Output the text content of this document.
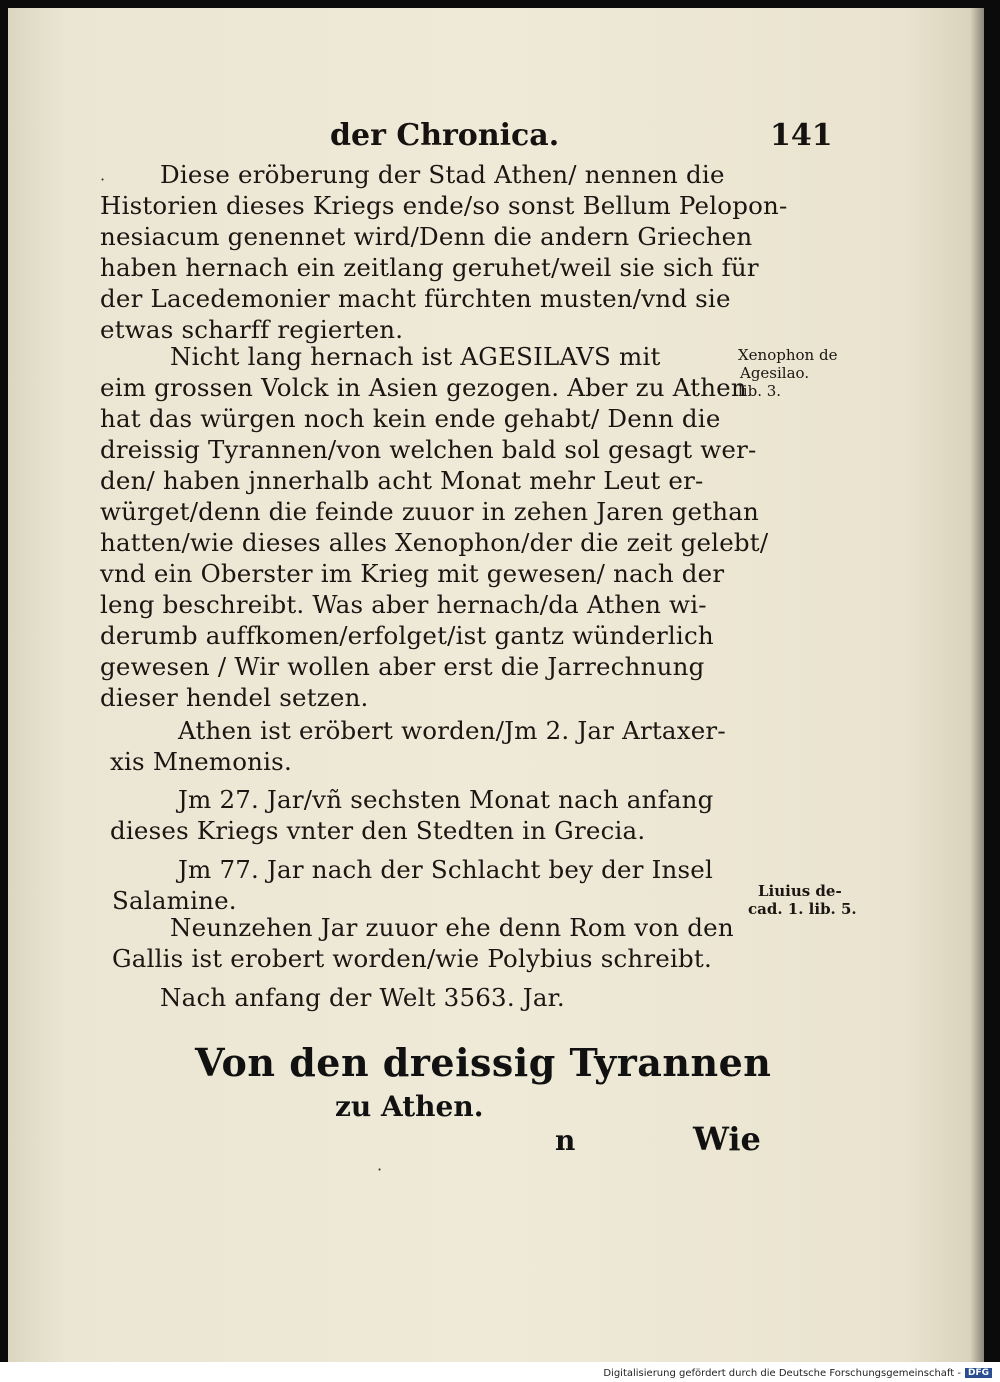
der Chronica.	141
· Diese eröberung der Stad Athen/ nennen die
Historien dieses Kriegs ende/so sonst Bellum Pelopon-
nesiacum genennet wird/Denn die andern Griechen
haben hernach ein zeitlang geruhet/weil sie sich für
der Lacedemonier macht fürchten musten/vnd sie
etwas scharff regierten.
Nicht lang hernach ist AGESILAVS mit
eim grossen Volck in Asien gezogen. Aber zu Athen
hat das würgen noch kein ende gehabt/ Denn die
dreissig Tyrannen/von welchen bald sol gesagt wer-
den/ haben jnnerhalb acht Monat mehr Leut er-
würget/denn die feinde zuuor in zehen Jaren gethan
hatten/wie dieses alles Xenophon/der die zeit gelebt/
vnd ein Oberster im Krieg mit gewesen/ nach der
leng beschreibt. Was aber hernach/da Athen wi-
derumb auffkomen/erfolget/ist gantz wünderlich
gewesen / Wir wollen aber erst die Jarrechnung
dieser hendel setzen.
Athen ist eröbert worden/Jm 2. Jar Artaxer-
xis Mnemonis.
Jm 27. Jar/vñ sechsten Monat nach anfang
dieses Kriegs vnter den Stedten in Grecia.
Jm 77. Jar nach der Schlacht bey der Insel
Salamine.
Neunzehen Jar zuuor ehe denn Rom von den
Gallis ist erobert worden/wie Polybius schreibt.
Nach anfang der Welt 3563. Jar.
Xenophon de
Agesilao.
lib. 3.
Liuius de-
cad. 1. lib. 5.
Von den dreissig Tyrannen
zu Athen.
n	Wie
·
Digitalisierung gefördert durch die Deutsche Forschungsgemeinschaft - DFG
